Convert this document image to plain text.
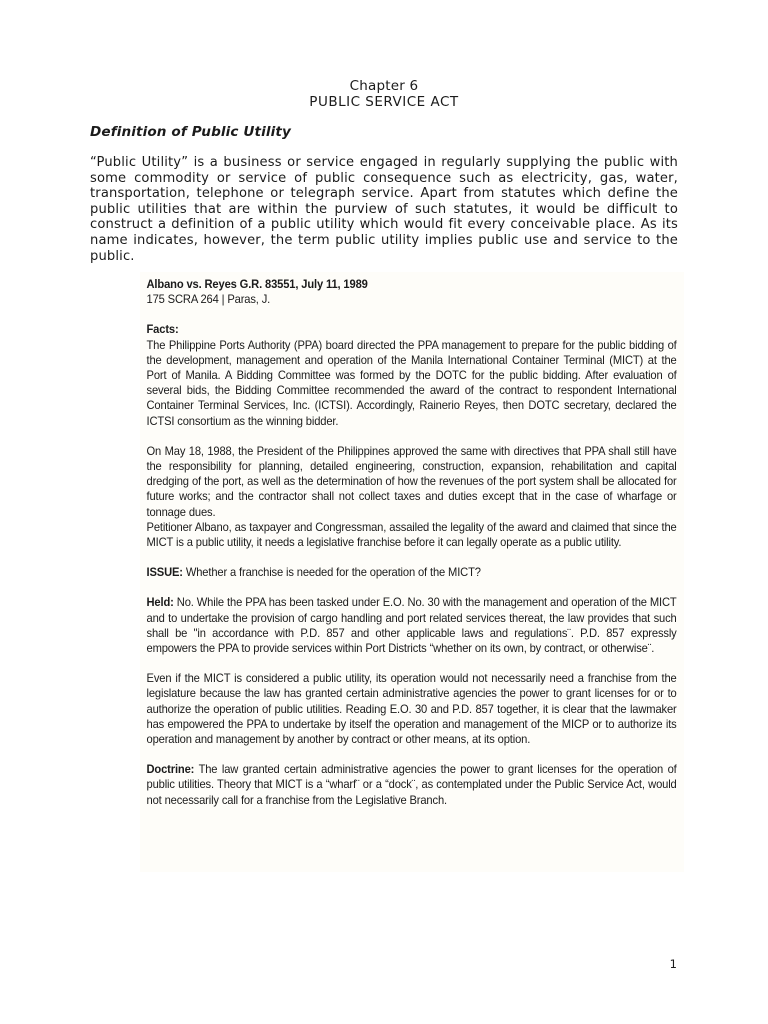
Chapter 6
PUBLIC SERVICE ACT
Definition of Public Utility

“Public Utility” is a business or service engaged in regularly supplying the public with some commodity or service of public consequence such as electricity, gas, water, transportation, telephone or telegraph service. Apart from statutes which define the public utilities that are within the purview of such statutes, it would be difficult to construct a definition of a public utility which would fit every conceivable place. As its name indicates, however, the term public utility implies public use and service to the public.

Albano vs. Reyes G.R. 83551, July 11, 1989

175 SCRA 264 | Paras, J.

Facts:

The Philippine Ports Authority (PPA) board directed the PPA management to prepare for the public bidding of the development, management and operation of the Manila International Container Terminal (MICT) at the Port of Manila. A Bidding Committee was formed by the DOTC for the public bidding. After evaluation of several bids, the Bidding Committee recommended the award of the contract to respondent International Container Terminal Services, Inc. (ICTSI). Accordingly, Rainerio Reyes, then DOTC secretary, declared the ICTSI consortium as the winning bidder.

On May 18, 1988, the President of the Philippines approved the same with directives that PPA shall still have the responsibility for planning, detailed engineering, construction, expansion, rehabilitation and capital dredging of the port, as well as the determination of how the revenues of the port system shall be allocated for future works; and the contractor shall not collect taxes and duties except that in the case of wharfage or tonnage dues.

Petitioner Albano, as taxpayer and Congressman, assailed the legality of the award and claimed that since the MICT is a public utility, it needs a legislative franchise before it can legally operate as a public utility.

ISSUE: Whether a franchise is needed for the operation of the MICT?

Held: No. While the PPA has been tasked under E.O. No. 30 with the management and operation of the MICT and to undertake the provision of cargo handling and port related services thereat, the law provides that such shall be "in accordance with P.D. 857 and other applicable laws and regulations¨. P.D. 857 expressly empowers the PPA to provide services within Port Districts “whether on its own, by contract, or otherwise¨.

Even if the MICT is considered a public utility, its operation would not necessarily need a franchise from the legislature because the law has granted certain administrative agencies the power to grant licenses for or to authorize the operation of public utilities. Reading E.O. 30 and P.D. 857 together, it is clear that the lawmaker has empowered the PPA to undertake by itself the operation and management of the MICP or to authorize its operation and management by another by contract or other means, at its option.

Doctrine: The law granted certain administrative agencies the power to grant licenses for the operation of public utilities. Theory that MICT is a “wharf¨ or a “dock¨, as contemplated under the Public Service Act, would not necessarily call for a franchise from the Legislative Branch.

1
